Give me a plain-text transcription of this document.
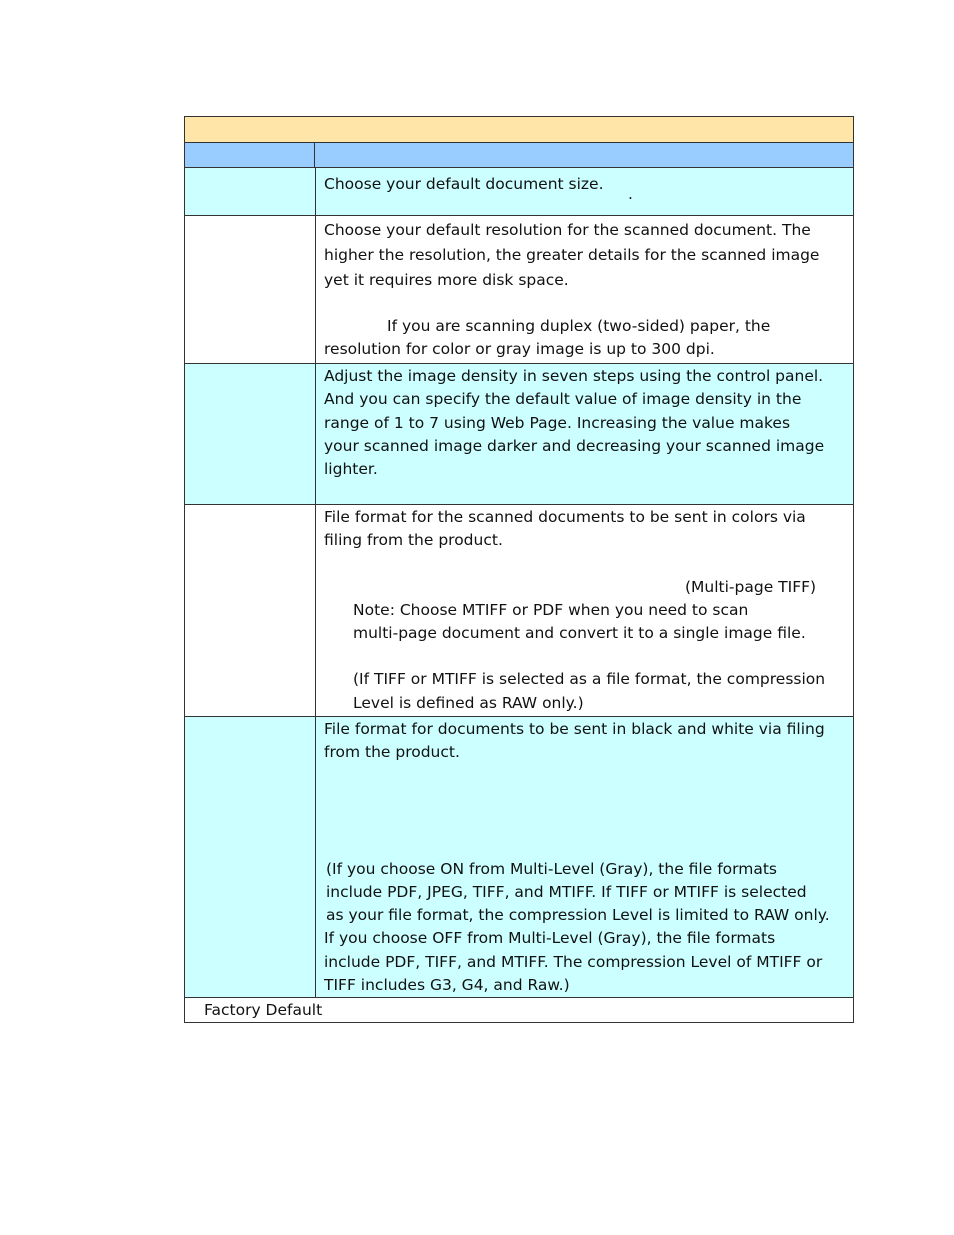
Choose your default document size.

.

Choose your default resolution for the scanned document. The

higher the resolution, the greater details for the scanned image

yet it requires more disk space.

If you are scanning duplex (two-sided) paper, the

resolution for color or gray image is up to 300 dpi.

Adjust the image density in seven steps using the control panel.

And you can specify the default value of image density in the

range of 1 to 7 using Web Page. Increasing the value makes

your scanned image darker and decreasing your scanned image

lighter.

File format for the scanned documents to be sent in colors via

filing from the product.

(Multi-page TIFF)

Note: Choose MTIFF or PDF when you need to scan

multi-page document and convert it to a single image file.

(If TIFF or MTIFF is selected as a file format, the compression

Level is defined as RAW only.)

File format for documents to be sent in black and white via filing

from the product.

(If you choose ON from Multi-Level (Gray), the file formats

include PDF, JPEG, TIFF, and MTIFF. If TIFF or MTIFF is selected

as your file format, the compression Level is limited to RAW only.

If you choose OFF from Multi-Level (Gray), the file formats

include PDF, TIFF, and MTIFF. The compression Level of MTIFF or

TIFF includes G3, G4, and Raw.)

Factory Default
